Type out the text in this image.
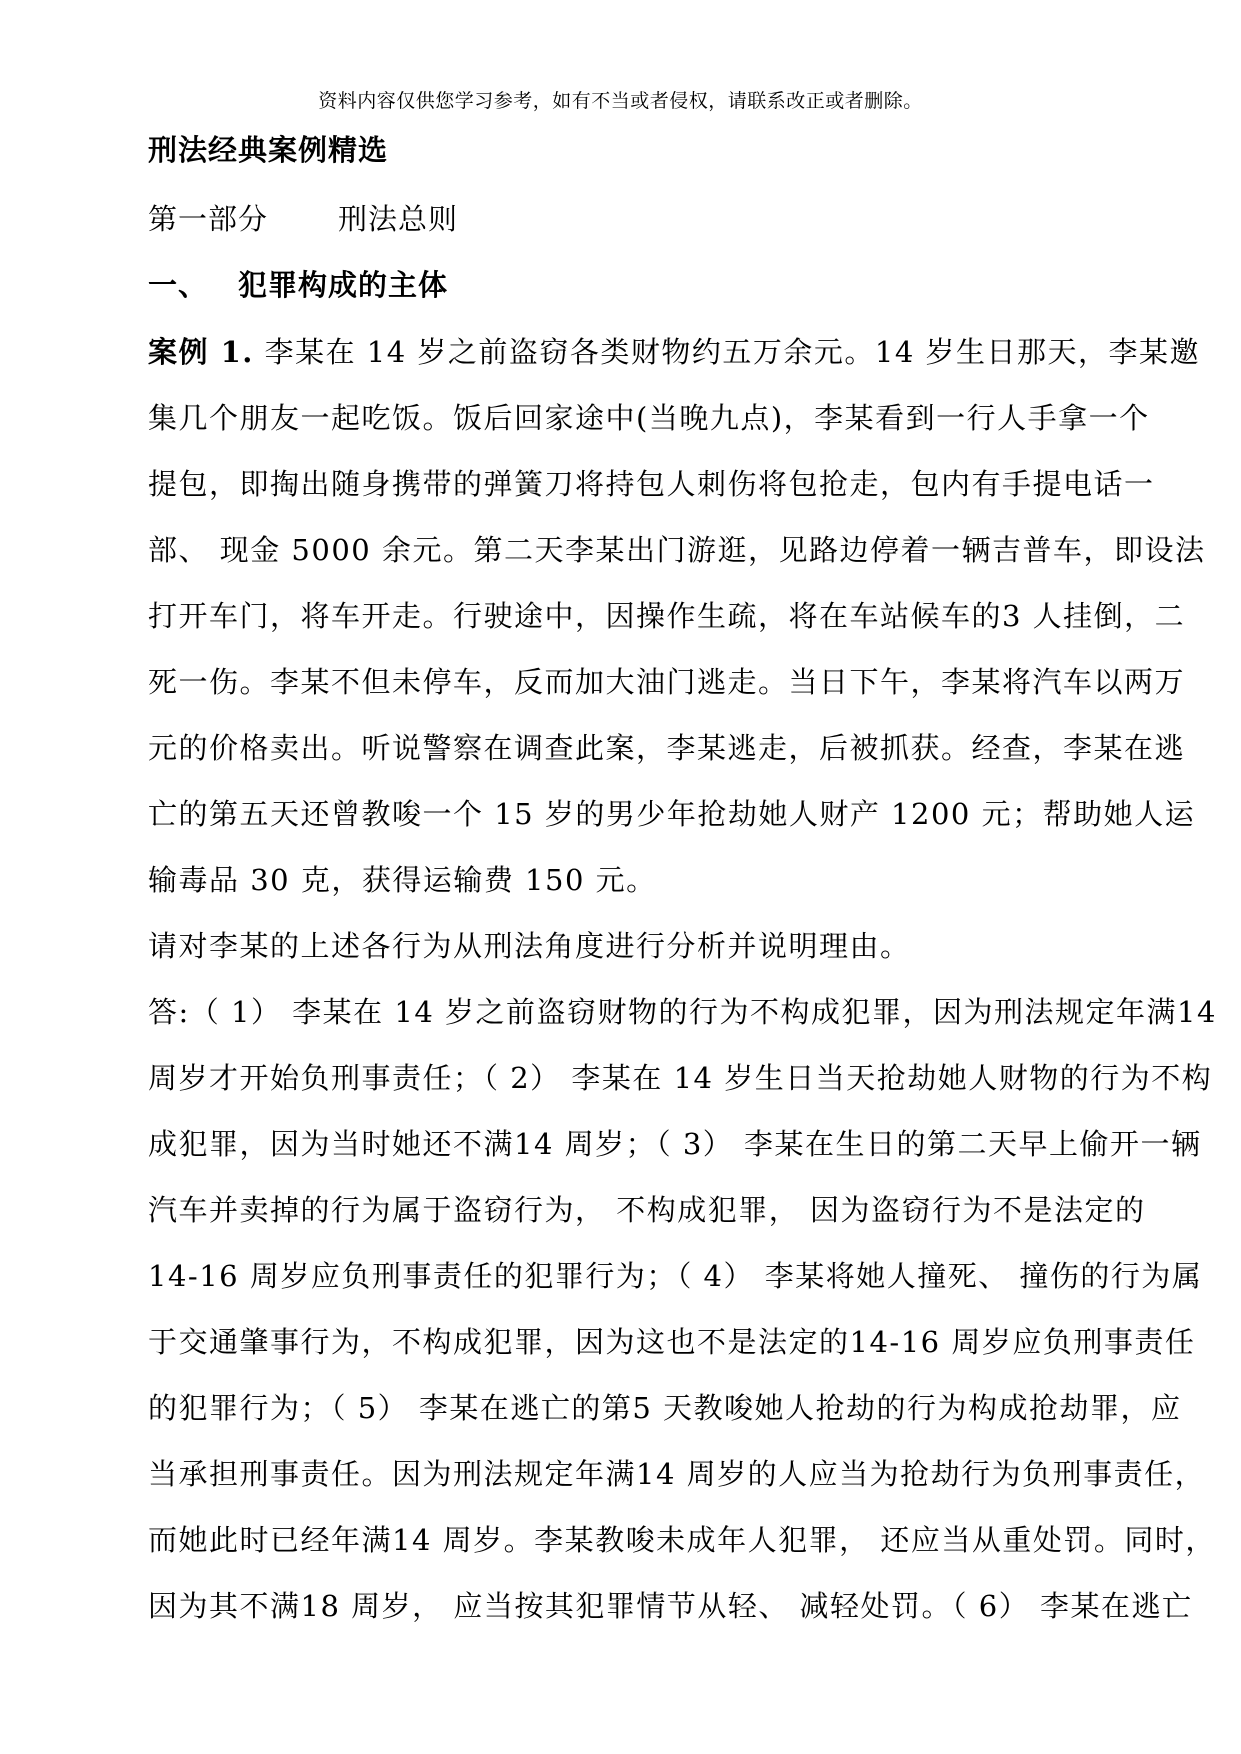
资料内容仅供您学习参考，如有不当或者侵权，请联系改正或者删除。
刑法经典案例精选
第一部分 刑法总则
一、 犯罪构成的主体
案例 1. 李某在 14 岁之前盗窃各类财物约五万余元。14 岁生日那天，李某邀
集几个朋友一起吃饭。饭后回家途中(当晚九点)，李某看到一行人手拿一个
提包，即掏出随身携带的弹簧刀将持包人刺伤将包抢走，包内有手提电话一
部、 现金 5000 余元。第二天李某出门游逛，见路边停着一辆吉普车，即设法
打开车门，将车开走。行驶途中，因操作生疏，将在车站候车的3 人挂倒，二
死一伤。李某不但未停车，反而加大油门逃走。当日下午，李某将汽车以两万
元的价格卖出。听说警察在调查此案，李某逃走，后被抓获。经查，李某在逃
亡的第五天还曾教唆一个 15 岁的男少年抢劫她人财产 1200 元；帮助她人运
输毒品 30 克，获得运输费 150 元。
请对李某的上述各行为从刑法角度进行分析并说明理由。
答:（ 1） 李某在 14 岁之前盗窃财物的行为不构成犯罪，因为刑法规定年满14
周岁才开始负刑事责任；（ 2） 李某在 14 岁生日当天抢劫她人财物的行为不构
成犯罪，因为当时她还不满14 周岁；（ 3） 李某在生日的第二天早上偷开一辆
汽车并卖掉的行为属于盗窃行为， 不构成犯罪， 因为盗窃行为不是法定的
14-16 周岁应负刑事责任的犯罪行为；（ 4） 李某将她人撞死、 撞伤的行为属
于交通肇事行为，不构成犯罪，因为这也不是法定的14-16 周岁应负刑事责任
的犯罪行为；（ 5） 李某在逃亡的第5 天教唆她人抢劫的行为构成抢劫罪，应
当承担刑事责任。因为刑法规定年满14 周岁的人应当为抢劫行为负刑事责任，
而她此时已经年满14 周岁。李某教唆未成年人犯罪， 还应当从重处罚。同时，
因为其不满18 周岁， 应当按其犯罪情节从轻、 减轻处罚。（ 6） 李某在逃亡
